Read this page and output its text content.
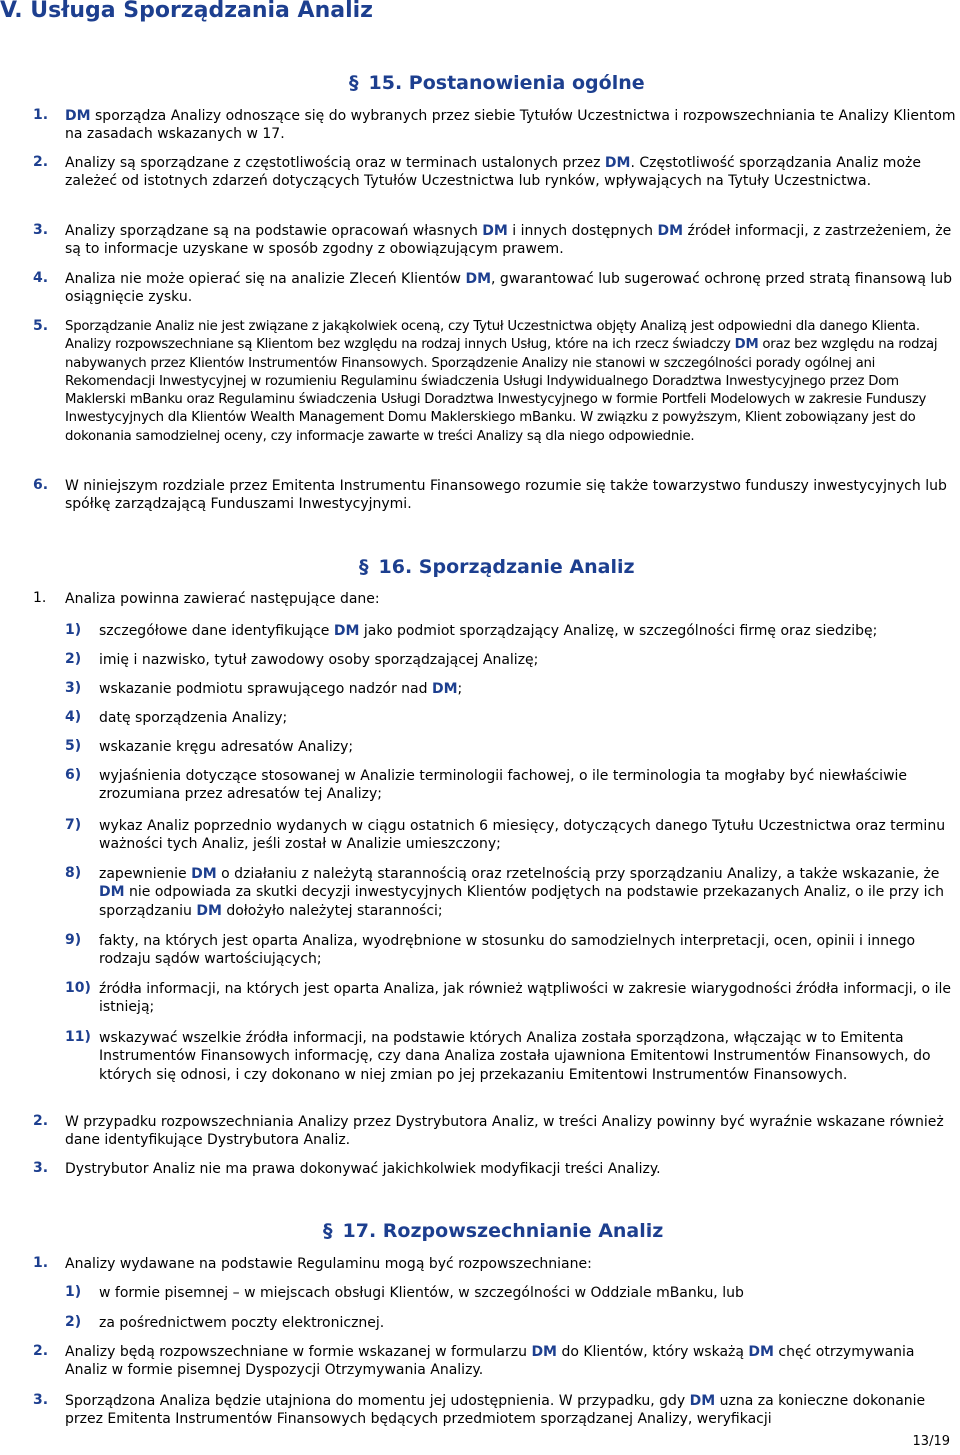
V. Usługa Sporządzania Analiz
§ 15. Postanowienia ogólne
1. DM sporządza Analizy odnoszące się do wybranych przez siebie Tytułów Uczestnictwa i rozpowszechniania te Analizy Klientom na zasadach wskazanych w 17.
2. Analizy są sporządzane z częstotliwością oraz w terminach ustalonych przez DM. Częstotliwość sporządzania Analiz może zależeć od istotnych zdarzeń dotyczących Tytułów Uczestnictwa lub rynków, wpływających na Tytuły Uczestnictwa.
3. Analizy sporządzane są na podstawie opracowań własnych DM i innych dostępnych DM źródeł informacji, z zastrzeżeniem, że są to informacje uzyskane w sposób zgodny z obowiązującym prawem.
4. Analiza nie może opierać się na analizie Zleceń Klientów DM, gwarantować lub sugerować ochronę przed stratą finansową lub osiągnięcie zysku.
5. Sporządzanie Analiz nie jest związane z jakąkolwiek oceną, czy Tytuł Uczestnictwa objęty Analizą jest odpowiedni dla danego Klienta. Analizy rozpowszechniane są Klientom bez względu na rodzaj innych Usług, które na ich rzecz świadczy DM oraz bez względu na rodzaj nabywanych przez Klientów Instrumentów Finansowych. Sporządzenie Analizy nie stanowi w szczególności porady ogólnej ani Rekomendacji Inwestycyjnej w rozumieniu Regulaminu świadczenia Usługi Indywidualnego Doradztwa Inwestycyjnego przez Dom Maklerski mBanku oraz Regulaminu świadczenia Usługi Doradztwa Inwestycyjnego w formie Portfeli Modelowych w zakresie Funduszy Inwestycyjnych dla Klientów Wealth Management Domu Maklerskiego mBanku. W związku z powyższym, Klient zobowiązany jest do dokonania samodzielnej oceny, czy informacje zawarte w treści Analizy są dla niego odpowiednie.
6. W niniejszym rozdziale przez Emitenta Instrumentu Finansowego rozumie się także towarzystwo funduszy inwestycyjnych lub spółkę zarządzającą Funduszami Inwestycyjnymi.
§ 16. Sporządzanie Analiz
1. Analiza powinna zawierać następujące dane:
1) szczegółowe dane identyfikujące DM jako podmiot sporządzający Analizę, w szczególności firmę oraz siedzibę;
2) imię i nazwisko, tytuł zawodowy osoby sporządzającej Analizę;
3) wskazanie podmiotu sprawującego nadzór nad DM;
4) datę sporządzenia Analizy;
5) wskazanie kręgu adresatów Analizy;
6) wyjaśnienia dotyczące stosowanej w Analizie terminologii fachowej, o ile terminologia ta mogłaby być niewłaściwie zrozumiana przez adresatów tej Analizy;
7) wykaz Analiz poprzednio wydanych w ciągu ostatnich 6 miesięcy, dotyczących danego Tytułu Uczestnictwa oraz terminu ważności tych Analiz, jeśli został w Analizie umieszczony;
8) zapewnienie DM o działaniu z należytą starannością oraz rzetelnością przy sporządzaniu Analizy, a także wskazanie, że DM nie odpowiada za skutki decyzji inwestycyjnych Klientów podjętych na podstawie przekazanych Analiz, o ile przy ich sporządzaniu DM dołożyło należytej staranności;
9) fakty, na których jest oparta Analiza, wyodrębnione w stosunku do samodzielnych interpretacji, ocen, opinii i innego rodzaju sądów wartościujących;
10) źródła informacji, na których jest oparta Analiza, jak również wątpliwości w zakresie wiarygodności źródła informacji, o ile istnieją;
11) wskazywać wszelkie źródła informacji, na podstawie których Analiza została sporządzona, włączając w to Emitenta Instrumentów Finansowych informację, czy dana Analiza została ujawniona Emitentowi Instrumentów Finansowych, do których się odnosi, i czy dokonano w niej zmian po jej przekazaniu Emitentowi Instrumentów Finansowych.
2. W przypadku rozpowszechniania Analizy przez Dystrybutora Analiz, w treści Analizy powinny być wyraźnie wskazane również dane identyfikujące Dystrybutora Analiz.
3. Dystrybutor Analiz nie ma prawa dokonywać jakichkolwiek modyfikacji treści Analizy.
§ 17. Rozpowszechnianie Analiz
1. Analizy wydawane na podstawie Regulaminu mogą być rozpowszechniane:
1) w formie pisemnej – w miejscach obsługi Klientów, w szczególności w Oddziale mBanku, lub
2) za pośrednictwem poczty elektronicznej.
2. Analizy będą rozpowszechniane w formie wskazanej w formularzu DM do Klientów, który wskażą DM chęć otrzymywania Analiz w formie pisemnej Dyspozycji Otrzymywania Analizy.
3. Sporządzona Analiza będzie utajniona do momentu jej udostępnienia. W przypadku, gdy DM uzna za konieczne dokonanie przez Emitenta Instrumentów Finansowych będących przedmiotem sporządzanej Analizy, weryfikacji
13/19
